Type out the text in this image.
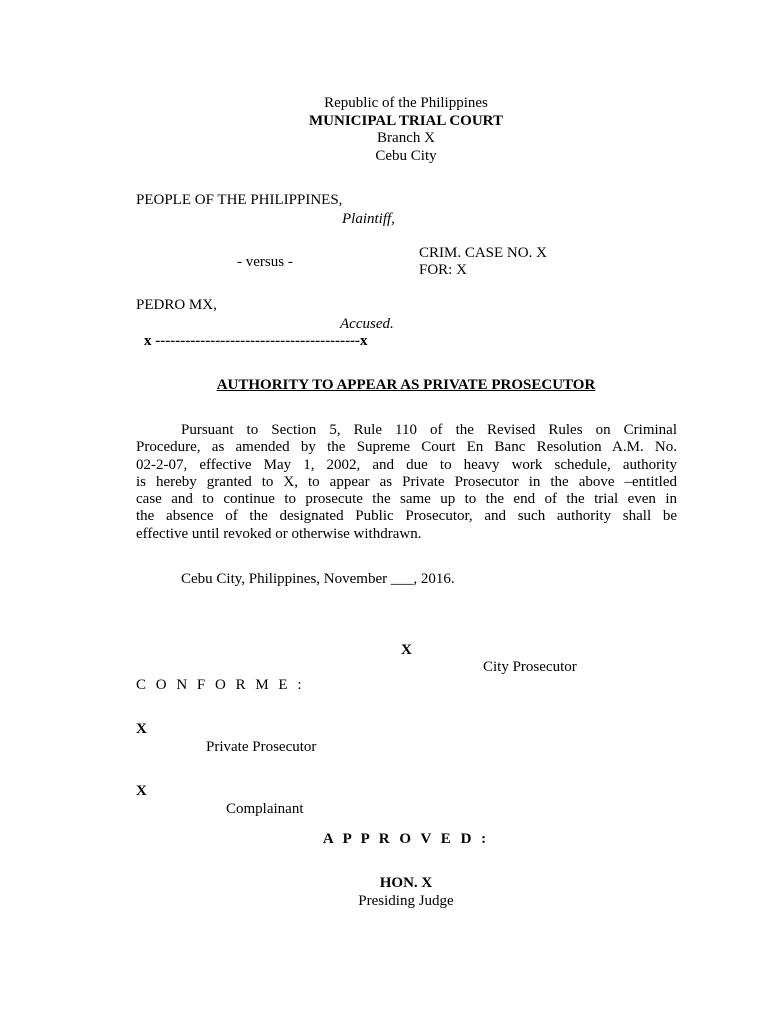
Republic of the Philippines
MUNICIPAL TRIAL COURT
Branch X
Cebu City
PEOPLE OF THE PHILIPPINES,
Plaintiff,
- versus -
CRIM. CASE NO. X
FOR: X
PEDRO MX,
Accused.
x -----------------------------------------x
AUTHORITY TO APPEAR AS PRIVATE PROSECUTOR
Pursuant to Section 5, Rule 110 of the Revised Rules on Criminal
Procedure, as amended by the Supreme Court En Banc Resolution A.M. No.
02-2-07, effective May 1, 2002, and due to heavy work schedule, authority
is hereby granted to X, to appear as Private Prosecutor in the above –entitled
case and to continue to prosecute the same up to the end of the trial even in
the absence of the designated Public Prosecutor, and such authority shall be
effective until revoked or otherwise withdrawn.
Cebu City, Philippines, November ___, 2016.
X
City Prosecutor
C O N F O R M E :
X
Private Prosecutor
X
Complainant
A P P R O V E D :
HON. X
Presiding Judge
